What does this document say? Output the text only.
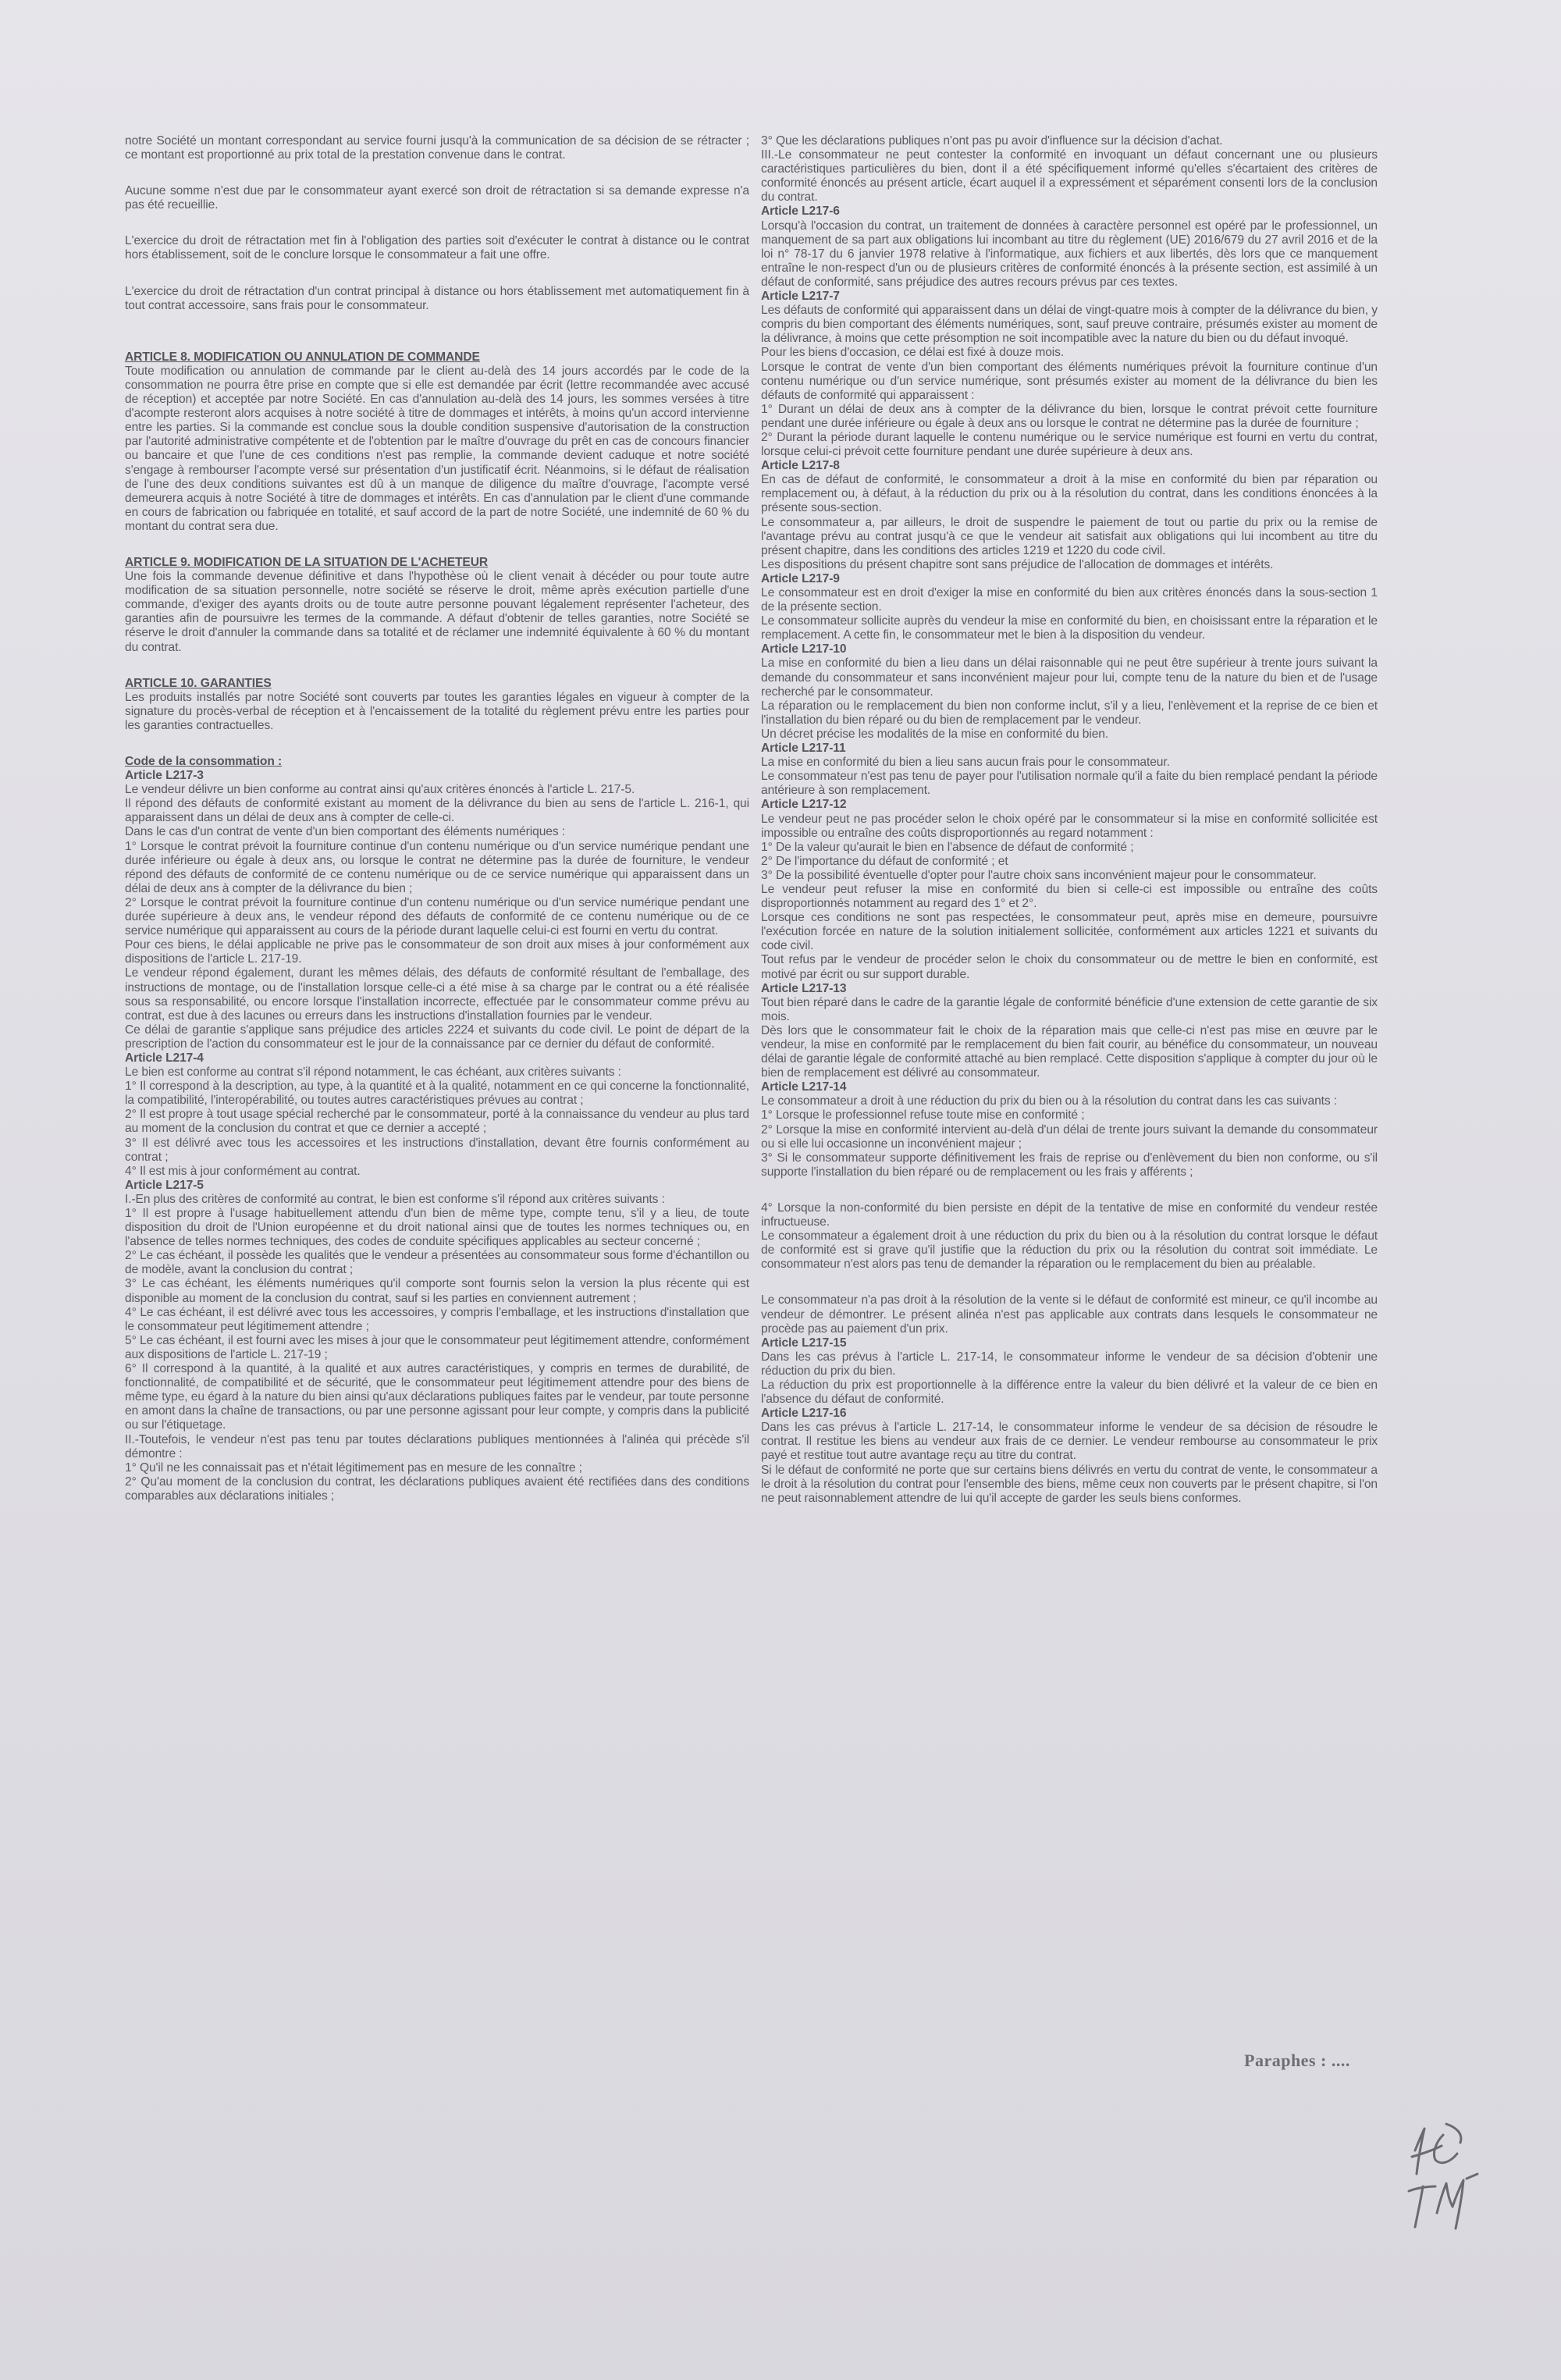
notre Société un montant correspondant au service fourni jusqu'à la communication de sa décision de se rétracter ; ce montant est proportionné au prix total de la prestation convenue dans le contrat.

Aucune somme n'est due par le consommateur ayant exercé son droit de rétractation si sa demande expresse n'a pas été recueillie.

L'exercice du droit de rétractation met fin à l'obligation des parties soit d'exécuter le contrat à distance ou le contrat hors établissement, soit de le conclure lorsque le consommateur a fait une offre.

L'exercice du droit de rétractation d'un contrat principal à distance ou hors établissement met automatiquement fin à tout contrat accessoire, sans frais pour le consommateur.

ARTICLE 8. MODIFICATION OU ANNULATION DE COMMANDE

Toute modification ou annulation de commande par le client au-delà des 14 jours accordés par le code de la consommation ne pourra être prise en compte que si elle est demandée par écrit (lettre recommandée avec accusé de réception) et acceptée par notre Société. En cas d'annulation au-delà des 14 jours, les sommes versées à titre d'acompte resteront alors acquises à notre société à titre de dommages et intérêts, à moins qu'un accord intervienne entre les parties. Si la commande est conclue sous la double condition suspensive d'autorisation de la construction par l'autorité administrative compétente et de l'obtention par le maître d'ouvrage du prêt en cas de concours financier ou bancaire et que l'une de ces conditions n'est pas remplie, la commande devient caduque et notre société s'engage à rembourser l'acompte versé sur présentation d'un justificatif écrit. Néanmoins, si le défaut de réalisation de l'une des deux conditions suivantes est dû à un manque de diligence du maître d'ouvrage, l'acompte versé demeurera acquis à notre Société à titre de dommages et intérêts. En cas d'annulation par le client d'une commande en cours de fabrication ou fabriquée en totalité, et sauf accord de la part de notre Société, une indemnité de 60 % du montant du contrat sera due.

ARTICLE 9. MODIFICATION DE LA SITUATION DE L'ACHETEUR

Une fois la commande devenue définitive et dans l'hypothèse où le client venait à décéder ou pour toute autre modification de sa situation personnelle, notre société se réserve le droit, même après exécution partielle d'une commande, d'exiger des ayants droits ou de toute autre personne pouvant légalement représenter l'acheteur, des garanties afin de poursuivre les termes de la commande. A défaut d'obtenir de telles garanties, notre Société se réserve le droit d'annuler la commande dans sa totalité et de réclamer une indemnité équivalente à 60 % du montant du contrat.

ARTICLE 10. GARANTIES

Les produits installés par notre Société sont couverts par toutes les garanties légales en vigueur à compter de la signature du procès-verbal de réception et à l'encaissement de la totalité du règlement prévu entre les parties pour les garanties contractuelles.

Code de la consommation :

Article L217-3

Le vendeur délivre un bien conforme au contrat ainsi qu'aux critères énoncés à l'article L. 217-5.

Il répond des défauts de conformité existant au moment de la délivrance du bien au sens de l'article L. 216-1, qui apparaissent dans un délai de deux ans à compter de celle-ci.

Dans le cas d'un contrat de vente d'un bien comportant des éléments numériques :

1° Lorsque le contrat prévoit la fourniture continue d'un contenu numérique ou d'un service numérique pendant une durée inférieure ou égale à deux ans, ou lorsque le contrat ne détermine pas la durée de fourniture, le vendeur répond des défauts de conformité de ce contenu numérique ou de ce service numérique qui apparaissent dans un délai de deux ans à compter de la délivrance du bien ;

2° Lorsque le contrat prévoit la fourniture continue d'un contenu numérique ou d'un service numérique pendant une durée supérieure à deux ans, le vendeur répond des défauts de conformité de ce contenu numérique ou de ce service numérique qui apparaissent au cours de la période durant laquelle celui-ci est fourni en vertu du contrat.

Pour ces biens, le délai applicable ne prive pas le consommateur de son droit aux mises à jour conformément aux dispositions de l'article L. 217-19.

Le vendeur répond également, durant les mêmes délais, des défauts de conformité résultant de l'emballage, des instructions de montage, ou de l'installation lorsque celle-ci a été mise à sa charge par le contrat ou a été réalisée sous sa responsabilité, ou encore lorsque l'installation incorrecte, effectuée par le consommateur comme prévu au contrat, est due à des lacunes ou erreurs dans les instructions d'installation fournies par le vendeur.

Ce délai de garantie s'applique sans préjudice des articles 2224 et suivants du code civil. Le point de départ de la prescription de l'action du consommateur est le jour de la connaissance par ce dernier du défaut de conformité.

Article L217-4

Le bien est conforme au contrat s'il répond notamment, le cas échéant, aux critères suivants :

1° Il correspond à la description, au type, à la quantité et à la qualité, notamment en ce qui concerne la fonctionnalité, la compatibilité, l'interopérabilité, ou toutes autres caractéristiques prévues au contrat ;

2° Il est propre à tout usage spécial recherché par le consommateur, porté à la connaissance du vendeur au plus tard au moment de la conclusion du contrat et que ce dernier a accepté ;

3° Il est délivré avec tous les accessoires et les instructions d'installation, devant être fournis conformément au contrat ;

4° Il est mis à jour conformément au contrat.

Article L217-5

I.-En plus des critères de conformité au contrat, le bien est conforme s'il répond aux critères suivants :

1° Il est propre à l'usage habituellement attendu d'un bien de même type, compte tenu, s'il y a lieu, de toute disposition du droit de l'Union européenne et du droit national ainsi que de toutes les normes techniques ou, en l'absence de telles normes techniques, des codes de conduite spécifiques applicables au secteur concerné ;

2° Le cas échéant, il possède les qualités que le vendeur a présentées au consommateur sous forme d'échantillon ou de modèle, avant la conclusion du contrat ;

3° Le cas échéant, les éléments numériques qu'il comporte sont fournis selon la version la plus récente qui est disponible au moment de la conclusion du contrat, sauf si les parties en conviennent autrement ;

4° Le cas échéant, il est délivré avec tous les accessoires, y compris l'emballage, et les instructions d'installation que le consommateur peut légitimement attendre ;

5° Le cas échéant, il est fourni avec les mises à jour que le consommateur peut légitimement attendre, conformément aux dispositions de l'article L. 217-19 ;

6° Il correspond à la quantité, à la qualité et aux autres caractéristiques, y compris en termes de durabilité, de fonctionnalité, de compatibilité et de sécurité, que le consommateur peut légitimement attendre pour des biens de même type, eu égard à la nature du bien ainsi qu'aux déclarations publiques faites par le vendeur, par toute personne en amont dans la chaîne de transactions, ou par une personne agissant pour leur compte, y compris dans la publicité ou sur l'étiquetage.

II.-Toutefois, le vendeur n'est pas tenu par toutes déclarations publiques mentionnées à l'alinéa qui précède s'il démontre :

1° Qu'il ne les connaissait pas et n'était légitimement pas en mesure de les connaître ;

2° Qu'au moment de la conclusion du contrat, les déclarations publiques avaient été rectifiées dans des conditions comparables aux déclarations initiales ;

3° Que les déclarations publiques n'ont pas pu avoir d'influence sur la décision d'achat.

III.-Le consommateur ne peut contester la conformité en invoquant un défaut concernant une ou plusieurs caractéristiques particulières du bien, dont il a été spécifiquement informé qu'elles s'écartaient des critères de conformité énoncés au présent article, écart auquel il a expressément et séparément consenti lors de la conclusion du contrat.

Article L217-6

Lorsqu'à l'occasion du contrat, un traitement de données à caractère personnel est opéré par le professionnel, un manquement de sa part aux obligations lui incombant au titre du règlement (UE) 2016/679 du 27 avril 2016 et de la loi n° 78-17 du 6 janvier 1978 relative à l'informatique, aux fichiers et aux libertés, dès lors que ce manquement entraîne le non-respect d'un ou de plusieurs critères de conformité énoncés à la présente section, est assimilé à un défaut de conformité, sans préjudice des autres recours prévus par ces textes.

Article L217-7

Les défauts de conformité qui apparaissent dans un délai de vingt-quatre mois à compter de la délivrance du bien, y compris du bien comportant des éléments numériques, sont, sauf preuve contraire, présumés exister au moment de la délivrance, à moins que cette présomption ne soit incompatible avec la nature du bien ou du défaut invoqué.

Pour les biens d'occasion, ce délai est fixé à douze mois.

Lorsque le contrat de vente d'un bien comportant des éléments numériques prévoit la fourniture continue d'un contenu numérique ou d'un service numérique, sont présumés exister au moment de la délivrance du bien les défauts de conformité qui apparaissent :

1° Durant un délai de deux ans à compter de la délivrance du bien, lorsque le contrat prévoit cette fourniture pendant une durée inférieure ou égale à deux ans ou lorsque le contrat ne détermine pas la durée de fourniture ;

2° Durant la période durant laquelle le contenu numérique ou le service numérique est fourni en vertu du contrat, lorsque celui-ci prévoit cette fourniture pendant une durée supérieure à deux ans.

Article L217-8

En cas de défaut de conformité, le consommateur a droit à la mise en conformité du bien par réparation ou remplacement ou, à défaut, à la réduction du prix ou à la résolution du contrat, dans les conditions énoncées à la présente sous-section.

Le consommateur a, par ailleurs, le droit de suspendre le paiement de tout ou partie du prix ou la remise de l'avantage prévu au contrat jusqu'à ce que le vendeur ait satisfait aux obligations qui lui incombent au titre du présent chapitre, dans les conditions des articles 1219 et 1220 du code civil.

Les dispositions du présent chapitre sont sans préjudice de l'allocation de dommages et intérêts.

Article L217-9

Le consommateur est en droit d'exiger la mise en conformité du bien aux critères énoncés dans la sous-section 1 de la présente section.

Le consommateur sollicite auprès du vendeur la mise en conformité du bien, en choisissant entre la réparation et le remplacement. A cette fin, le consommateur met le bien à la disposition du vendeur.

Article L217-10

La mise en conformité du bien a lieu dans un délai raisonnable qui ne peut être supérieur à trente jours suivant la demande du consommateur et sans inconvénient majeur pour lui, compte tenu de la nature du bien et de l'usage recherché par le consommateur.

La réparation ou le remplacement du bien non conforme inclut, s'il y a lieu, l'enlèvement et la reprise de ce bien et l'installation du bien réparé ou du bien de remplacement par le vendeur.

Un décret précise les modalités de la mise en conformité du bien.

Article L217-11

La mise en conformité du bien a lieu sans aucun frais pour le consommateur.

Le consommateur n'est pas tenu de payer pour l'utilisation normale qu'il a faite du bien remplacé pendant la période antérieure à son remplacement.

Article L217-12

Le vendeur peut ne pas procéder selon le choix opéré par le consommateur si la mise en conformité sollicitée est impossible ou entraîne des coûts disproportionnés au regard notamment :

1° De la valeur qu'aurait le bien en l'absence de défaut de conformité ;

2° De l'importance du défaut de conformité ; et

3° De la possibilité éventuelle d'opter pour l'autre choix sans inconvénient majeur pour le consommateur.

Le vendeur peut refuser la mise en conformité du bien si celle-ci est impossible ou entraîne des coûts disproportionnés notamment au regard des 1° et 2°.

Lorsque ces conditions ne sont pas respectées, le consommateur peut, après mise en demeure, poursuivre l'exécution forcée en nature de la solution initialement sollicitée, conformément aux articles 1221 et suivants du code civil.

Tout refus par le vendeur de procéder selon le choix du consommateur ou de mettre le bien en conformité, est motivé par écrit ou sur support durable.

Article L217-13

Tout bien réparé dans le cadre de la garantie légale de conformité bénéficie d'une extension de cette garantie de six mois.

Dès lors que le consommateur fait le choix de la réparation mais que celle-ci n'est pas mise en œuvre par le vendeur, la mise en conformité par le remplacement du bien fait courir, au bénéfice du consommateur, un nouveau délai de garantie légale de conformité attaché au bien remplacé. Cette disposition s'applique à compter du jour où le bien de remplacement est délivré au consommateur.

Article L217-14

Le consommateur a droit à une réduction du prix du bien ou à la résolution du contrat dans les cas suivants :

1° Lorsque le professionnel refuse toute mise en conformité ;

2° Lorsque la mise en conformité intervient au-delà d'un délai de trente jours suivant la demande du consommateur ou si elle lui occasionne un inconvénient majeur ;

3° Si le consommateur supporte définitivement les frais de reprise ou d'enlèvement du bien non conforme, ou s'il supporte l'installation du bien réparé ou de remplacement ou les frais y afférents ;

4° Lorsque la non-conformité du bien persiste en dépit de la tentative de mise en conformité du vendeur restée infructueuse.

Le consommateur a également droit à une réduction du prix du bien ou à la résolution du contrat lorsque le défaut de conformité est si grave qu'il justifie que la réduction du prix ou la résolution du contrat soit immédiate. Le consommateur n'est alors pas tenu de demander la réparation ou le remplacement du bien au préalable.

Le consommateur n'a pas droit à la résolution de la vente si le défaut de conformité est mineur, ce qu'il incombe au vendeur de démontrer. Le présent alinéa n'est pas applicable aux contrats dans lesquels le consommateur ne procède pas au paiement d'un prix.

Article L217-15

Dans les cas prévus à l'article L. 217-14, le consommateur informe le vendeur de sa décision d'obtenir une réduction du prix du bien.

La réduction du prix est proportionnelle à la différence entre la valeur du bien délivré et la valeur de ce bien en l'absence du défaut de conformité.

Article L217-16

Dans les cas prévus à l'article L. 217-14, le consommateur informe le vendeur de sa décision de résoudre le contrat. Il restitue les biens au vendeur aux frais de ce dernier. Le vendeur rembourse au consommateur le prix payé et restitue tout autre avantage reçu au titre du contrat.

Si le défaut de conformité ne porte que sur certains biens délivrés en vertu du contrat de vente, le consommateur a le droit à la résolution du contrat pour l'ensemble des biens, même ceux non couverts par le présent chapitre, si l'on ne peut raisonnablement attendre de lui qu'il accepte de garder les seuls biens conformes.

Paraphes : ....
